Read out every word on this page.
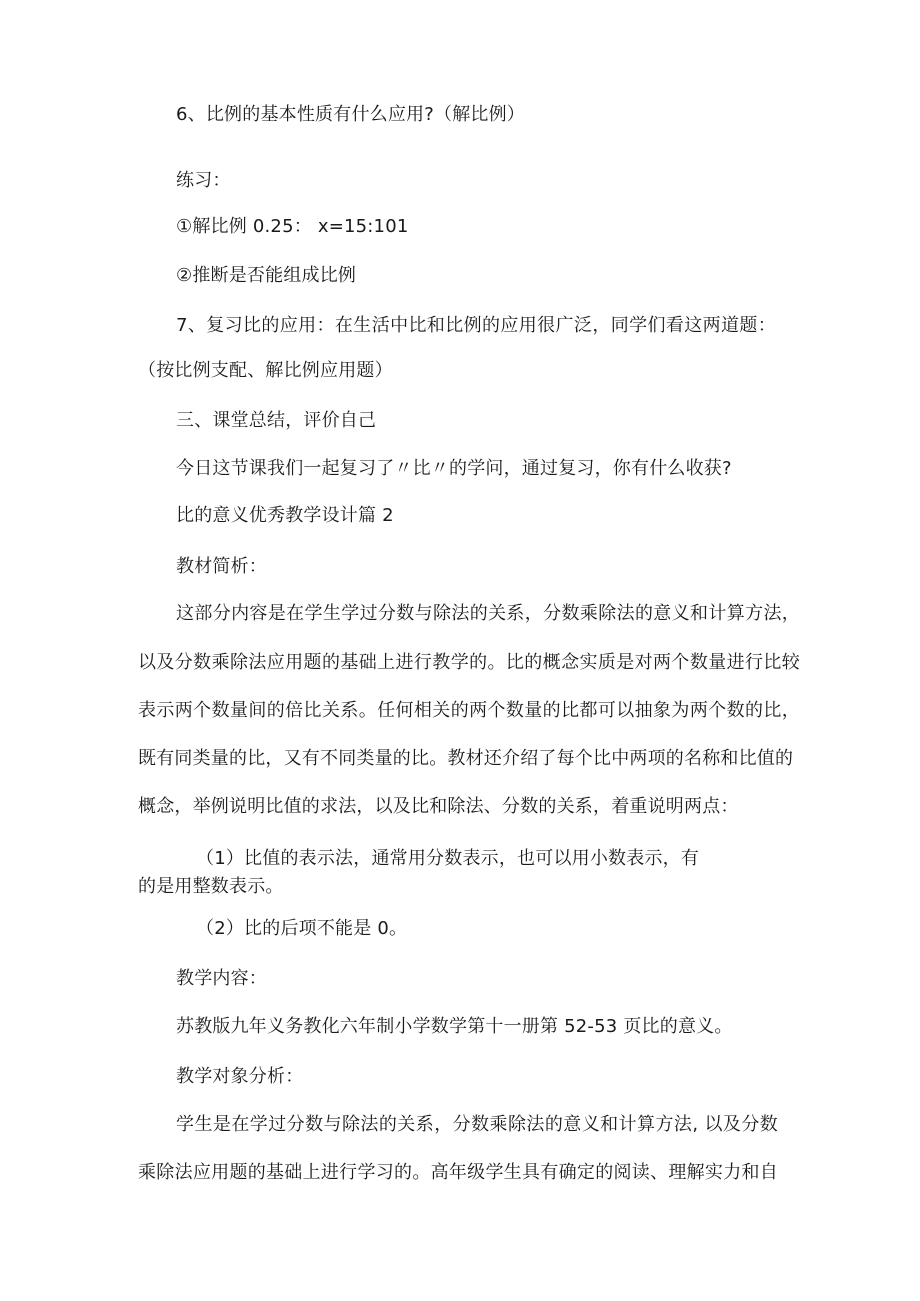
6、比例的基本性质有什么应用?（解比例）
练习：
①解比例 0.25： x=15:101
②推断是否能组成比例
7、复习比的应用：在生活中比和比例的应用很广泛，同学们看这两道题：
（按比例支配、解比例应用题）
三、课堂总结，评价自己
今日这节课我们一起复习了〃比〃的学问，通过复习，你有什么收获?
比的意义优秀教学设计篇 2
教材简析：
这部分内容是在学生学过分数与除法的关系，分数乘除法的意义和计算方法，
以及分数乘除法应用题的基础上进行教学的。比的概念实质是对两个数量进行比较
表示两个数量间的倍比关系。任何相关的两个数量的比都可以抽象为两个数的比，
既有同类量的比，又有不同类量的比。教材还介绍了每个比中两项的名称和比值的
概念，举例说明比值的求法，以及比和除法、分数的关系，着重说明两点：
（1）比值的表示法，通常用分数表示，也可以用小数表示，有
的是用整数表示。
（2）比的后项不能是 0。
教学内容：
苏教版九年义务教化六年制小学数学第十一册第 52-53 页比的意义。
教学对象分析：
学生是在学过分数与除法的关系，分数乘除法的意义和计算方法, 以及分数
乘除法应用题的基础上进行学习的。高年级学生具有确定的阅读、理解实力和自
